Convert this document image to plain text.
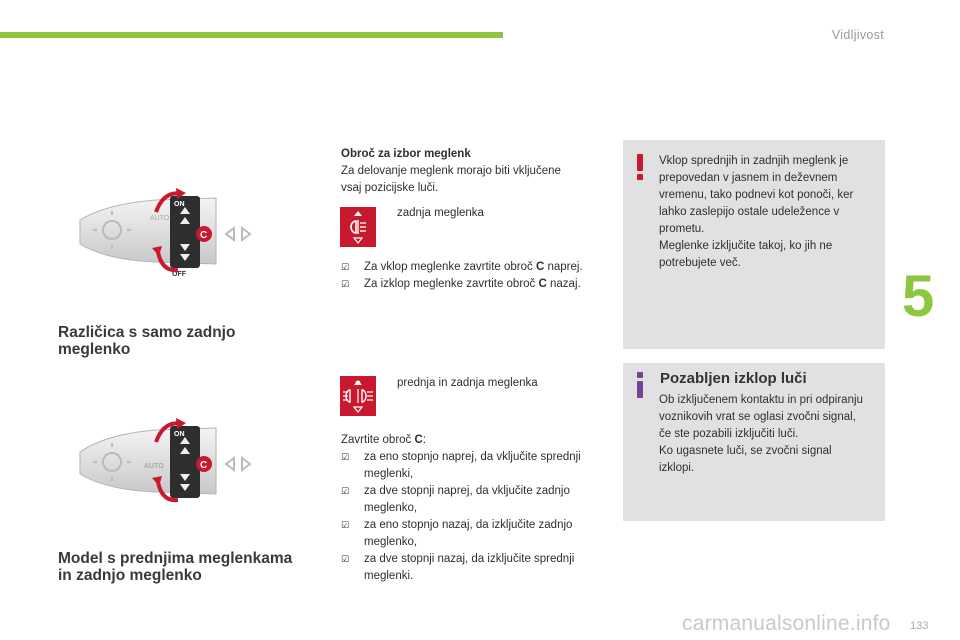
Vidljivost
5
133
carmanualsonline.info
AUTO
ON
OFF
C
AUTO
ON
C
Različica s samo zadnjo
meglenko
Model s prednjima meglenkama
in zadnjo meglenko
Obroč za izbor meglenk
Za delovanje meglenk morajo biti vključene
vsaj pozicijske luči.
zadnja meglenka
☑ Za vklop meglenke zavrtite obroč C naprej.
☑ Za izklop meglenke zavrtite obroč C nazaj.
prednja in zadnja meglenka
Zavrtite obroč C:
☑ za eno stopnjo naprej, da vključite sprednji
meglenki,
☑ za dve stopnji naprej, da vključite zadnjo
meglenko,
☑ za eno stopnjo nazaj, da izključite zadnjo
meglenko,
☑ za dve stopnji nazaj, da izključite sprednji
meglenki.
Vklop sprednjih in zadnjih meglenk je
prepovedan v jasnem in deževnem
vremenu, tako podnevi kot ponoči, ker
lahko zaslepijo ostale udeležence v
prometu.
Meglenke izključite takoj, ko jih ne
potrebujete več.
Pozabljen izklop luči
Ob izključenem kontaktu in pri odpiranju
voznikovih vrat se oglasi zvočni signal,
če ste pozabili izključiti luči.
Ko ugasnete luči, se zvočni signal
izklopi.
